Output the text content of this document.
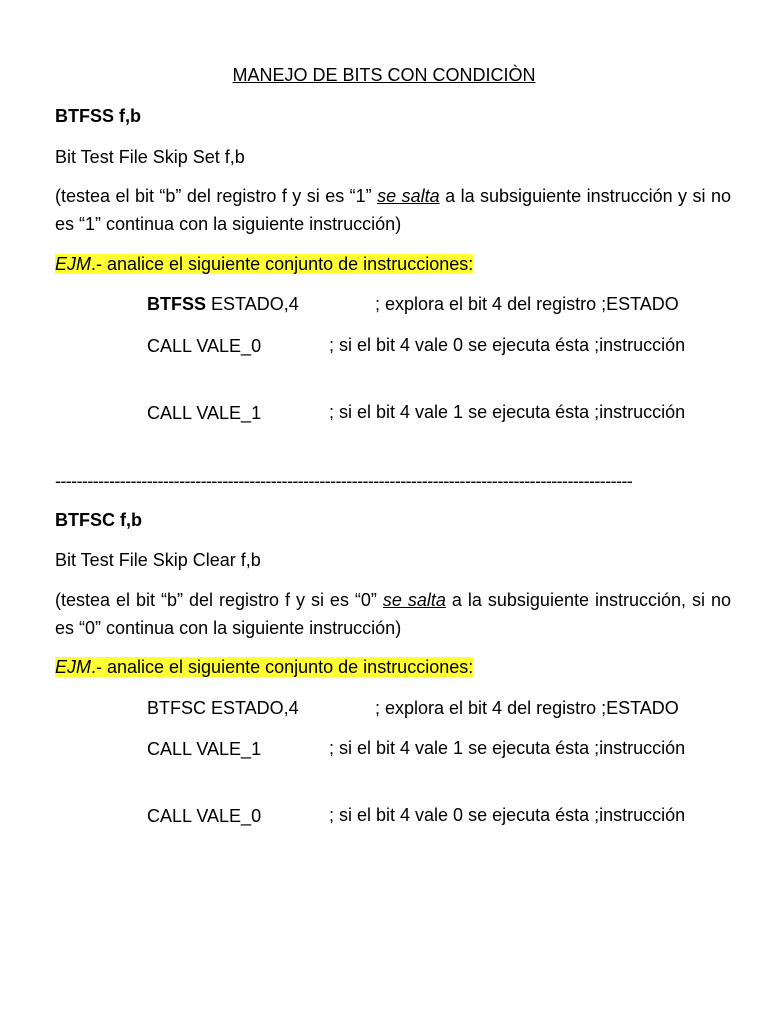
MANEJO DE BITS CON CONDICIÒN
BTFSS f,b
Bit Test File Skip Set f,b
(testea el bit “b” del registro f y si es “1” se salta a la subsiguiente instrucción y si no es “1” continua con la siguiente instrucción)
EJM.- analice el siguiente conjunto de instrucciones:
BTFSS ESTADO,4	; explora el bit 4 del registro ;ESTADO
CALL VALE_0	; si el bit 4 vale 0 se ejecuta ésta ;instrucción
CALL VALE_1	; si el bit 4 vale 1 se ejecuta ésta ;instrucción
-----------------------------------------------------------------------------------------------------------
BTFSC f,b
Bit Test File Skip Clear f,b
(testea el bit “b” del registro f y si es “0” se salta a la subsiguiente instrucción, si no es “0” continua con la siguiente instrucción)
EJM.- analice el siguiente conjunto de instrucciones:
BTFSC ESTADO,4	; explora el bit 4 del registro ;ESTADO
CALL VALE_1	; si el bit 4 vale 1 se ejecuta ésta ;instrucción
CALL VALE_0	; si el bit 4 vale 0 se ejecuta ésta ;instrucción
